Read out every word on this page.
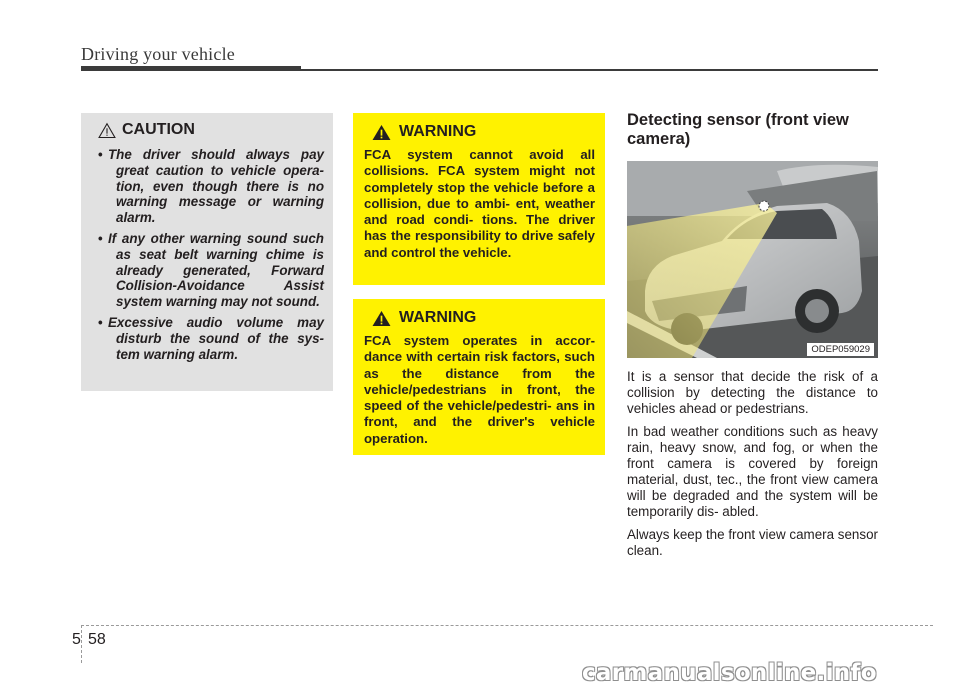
Driving your vehicle
CAUTION
• The driver should always pay great caution to vehicle opera- tion, even though there is no warning message or warning alarm.
• If any other warning sound such as seat belt warning chime is already generated, Forward Collision-Avoidance Assist system warning may not sound.
• Excessive audio volume may disturb the sound of the sys- tem warning alarm.
WARNING

FCA system cannot avoid all collisions. FCA system might not completely stop the vehicle before a collision, due to ambi- ent, weather and road condi- tions. The driver has the responsibility to drive safely and control the vehicle.

WARNING

FCA system operates in accor- dance with certain risk factors, such as the distance from the vehicle/pedestrians in front, the speed of the vehicle/pedestri- ans in front, and the driver's vehicle operation.

Detecting sensor (front view camera)
ODEP059029

It is a sensor that decide the risk of a collision by detecting the distance to vehicles ahead or pedestrians.

In bad weather conditions such as heavy rain, heavy snow, and fog, or when the front camera is covered by foreign material, dust, tec., the front view camera will be degraded and the system will be temporarily dis- abled.

Always keep the front view camera sensor clean.

5 58
carmanualsonline.info
